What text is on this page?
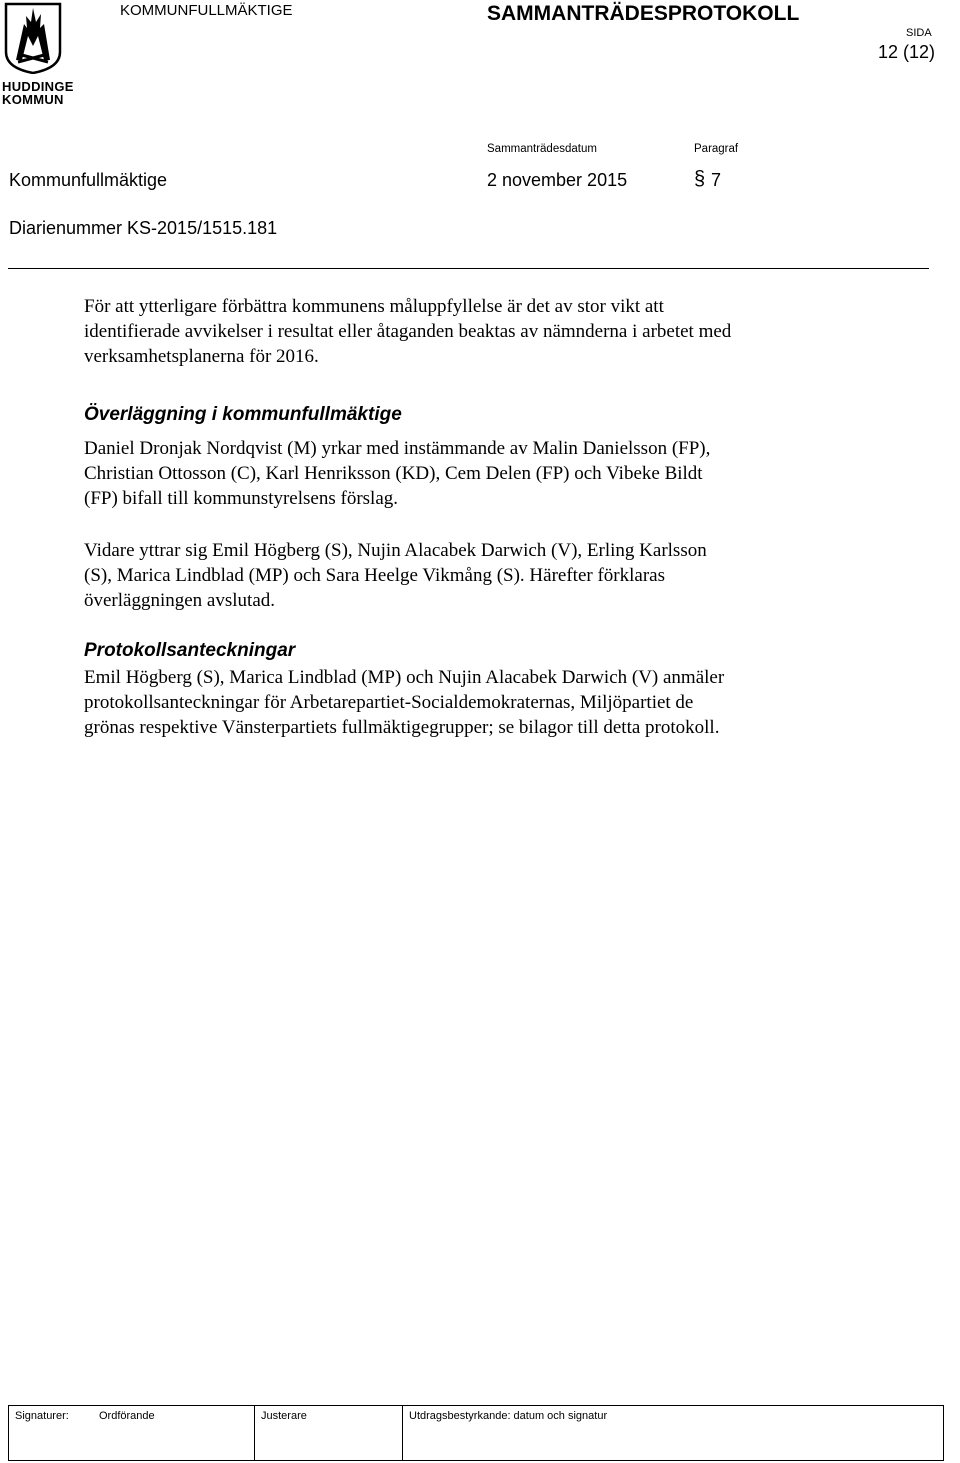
HUDDINGE
KOMMUN
KOMMUNFULLMÄKTIGE	SAMMANTRÄDESPROTOKOLL
SIDA
12 (12)
Sammanträdesdatum	Paragraf
Kommunfullmäktige	2 november 2015	§ 7
Diarienummer KS-2015/1515.181

För att ytterligare förbättra kommunens måluppfyllelse är det av stor vikt att

identifierade avvikelser i resultat eller åtaganden beaktas av nämnderna i arbetet med

verksamhetsplanerna för 2016.

Överläggning i kommunfullmäktige

Daniel Dronjak Nordqvist (M) yrkar med instämmande av Malin Danielsson (FP),

Christian Ottosson (C), Karl Henriksson (KD), Cem Delen (FP) och Vibeke Bildt

(FP) bifall till kommunstyrelsens förslag.

Vidare yttrar sig Emil Högberg (S), Nujin Alacabek Darwich (V), Erling Karlsson

(S), Marica Lindblad (MP) och Sara Heelge Vikmång (S). Härefter förklaras

överläggningen avslutad.

Protokollsanteckningar

Emil Högberg (S), Marica Lindblad (MP) och Nujin Alacabek Darwich (V) anmäler

protokollsanteckningar för Arbetarepartiet-Socialdemokraternas, Miljöpartiet de

grönas respektive Vänsterpartiets fullmäktigegrupper; se bilagor till detta protokoll.

Signaturer:	Ordförande	Justerare	Utdragsbestyrkande: datum och signatur
